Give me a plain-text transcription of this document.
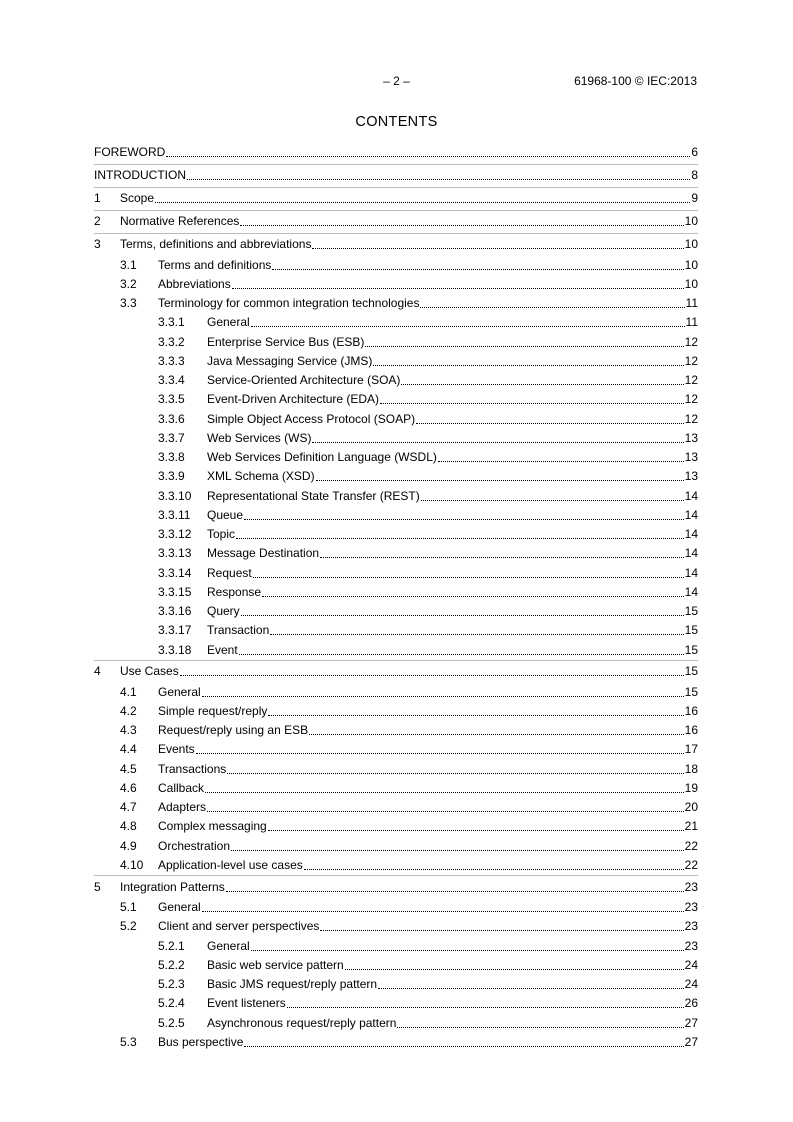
– 2 –	61968-100 © IEC:2013
CONTENTS
FOREWORD	6
INTRODUCTION	8
1	Scope	9
2	Normative References	10
3	Terms, definitions and abbreviations	10
3.1	Terms and definitions	10
3.2	Abbreviations	10
3.3	Terminology for common integration technologies	11
3.3.1	General	11
3.3.2	Enterprise Service Bus (ESB)	12
3.3.3	Java Messaging Service (JMS)	12
3.3.4	Service-Oriented Architecture (SOA)	12
3.3.5	Event-Driven Architecture (EDA)	12
3.3.6	Simple Object Access Protocol (SOAP)	12
3.3.7	Web Services (WS)	13
3.3.8	Web Services Definition Language (WSDL)	13
3.3.9	XML Schema (XSD)	13
3.3.10	Representational State Transfer (REST)	14
3.3.11	Queue	14
3.3.12	Topic	14
3.3.13	Message Destination	14
3.3.14	Request	14
3.3.15	Response	14
3.3.16	Query	15
3.3.17	Transaction	15
3.3.18	Event	15
4	Use Cases	15
4.1	General	15
4.2	Simple request/reply	16
4.3	Request/reply using an ESB	16
4.4	Events	17
4.5	Transactions	18
4.6	Callback	19
4.7	Adapters	20
4.8	Complex messaging	21
4.9	Orchestration	22
4.10	Application-level use cases	22
5	Integration Patterns	23
5.1	General	23
5.2	Client and server perspectives	23
5.2.1	General	23
5.2.2	Basic web service pattern	24
5.2.3	Basic JMS request/reply pattern	24
5.2.4	Event listeners	26
5.2.5	Asynchronous request/reply pattern	27
5.3	Bus perspective	27
